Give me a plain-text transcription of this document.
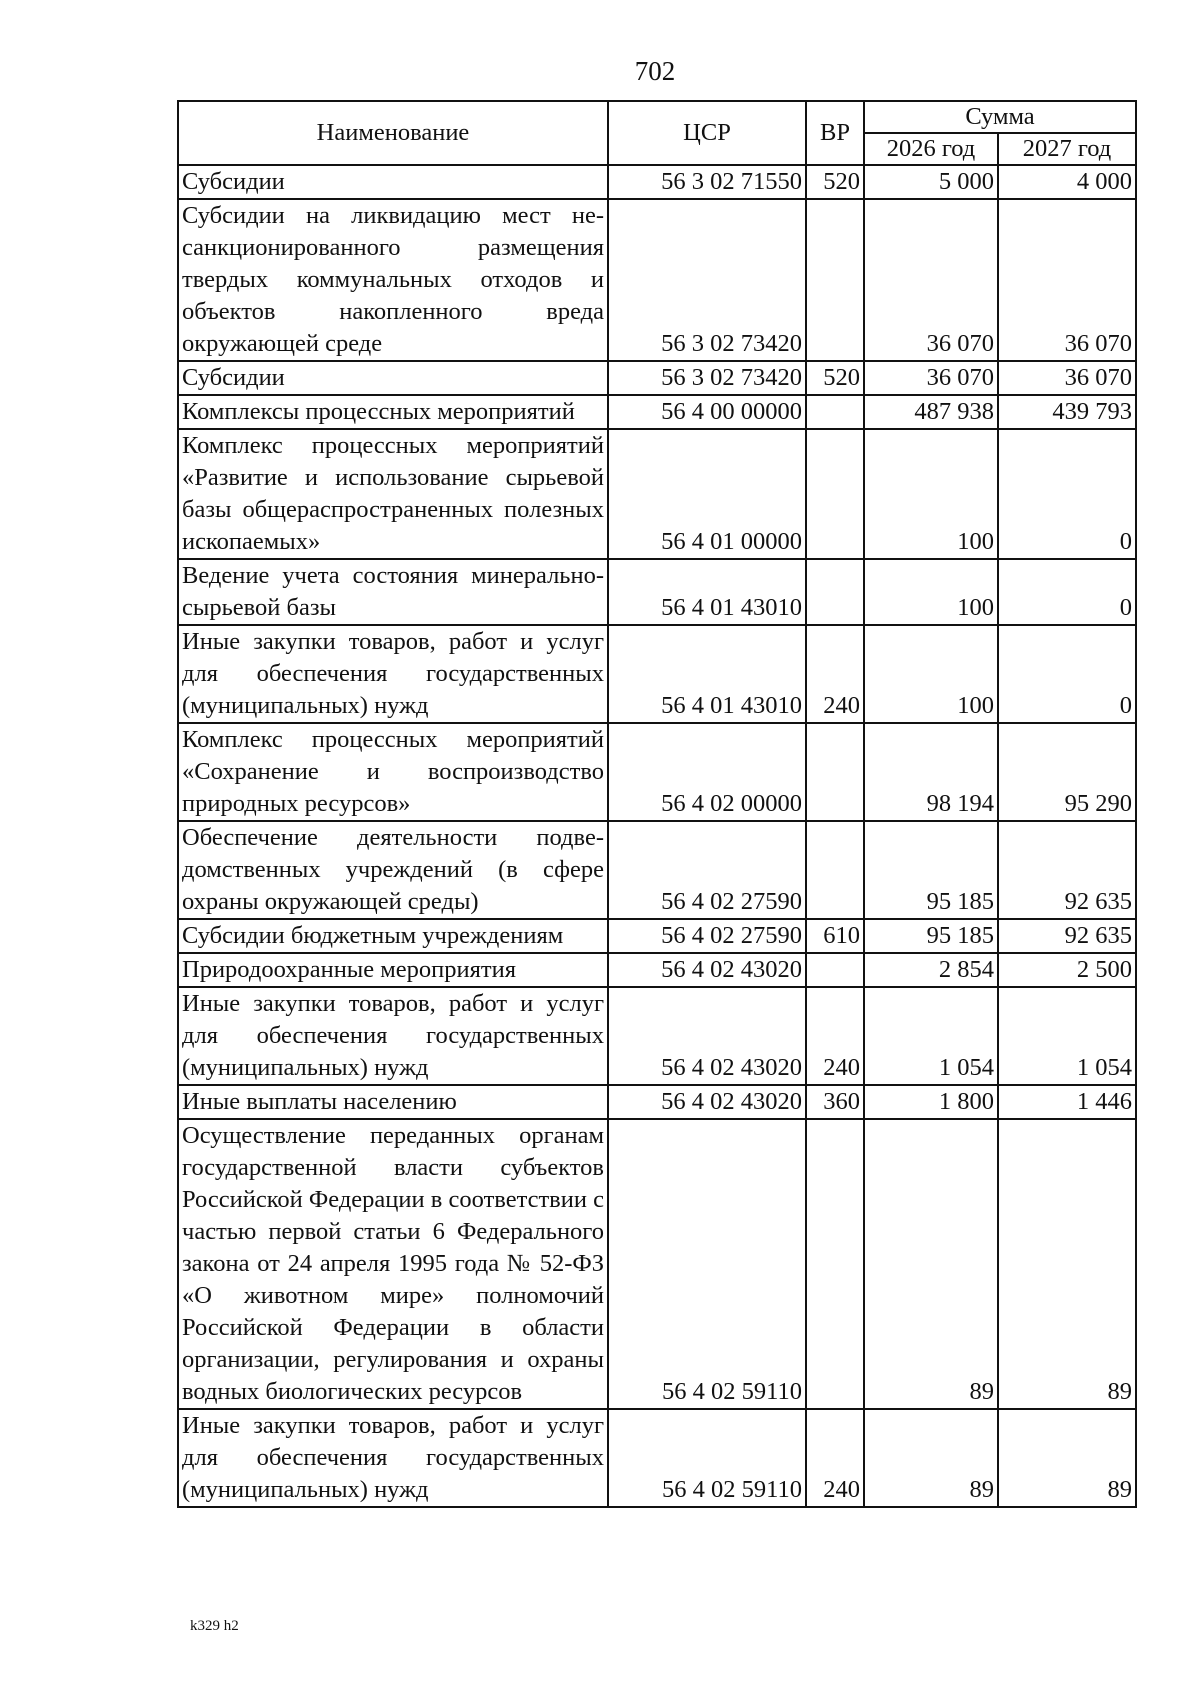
702
Наименование	ЦСР	ВР	Сумма	
			2026 год	2027 год
Субсидии	56 3 02 71550	520	5 000	4 000
Субсидии на ликвидацию мест несанкционированного размещения твердых коммунальных отходов и объектов накопленного вреда окружающей среде	56 3 02 73420		36 070	36 070
Субсидии	56 3 02 73420	520	36 070	36 070
Комплексы процессных мероприятий	56 4 00 00000		487 938	439 793
Комплекс процессных мероприятий «Развитие и использование сырьевой базы общераспространенных полезных ископаемых»	56 4 01 00000		100	0
Ведение учета состояния минерально-сырьевой базы	56 4 01 43010		100	0
Иные закупки товаров, работ и услуг для обеспечения государственных (муниципальных) нужд	56 4 01 43010	240	100	0
Комплекс процессных мероприятий «Сохранение и воспроизводство природных ресурсов»	56 4 02 00000		98 194	95 290
Обеспечение деятельности подведомственных учреждений (в сфере охраны окружающей среды)	56 4 02 27590		95 185	92 635
Субсидии бюджетным учреждениям	56 4 02 27590	610	95 185	92 635
Природоохранные мероприятия	56 4 02 43020		2 854	2 500
Иные закупки товаров, работ и услуг для обеспечения государственных (муниципальных) нужд	56 4 02 43020	240	1 054	1 054
Иные выплаты населению	56 4 02 43020	360	1 800	1 446
Осуществление переданных органам государственной власти субъектов Российской Федерации в соответствии с частью первой статьи 6 Федерального закона от 24 апреля 1995 года № 52-ФЗ «О животном мире» полномочий Российской Федерации в области организации, регулирования и охраны водных биологических ресурсов	56 4 02 59110		89	89
Иные закупки товаров, работ и услуг для обеспечения государственных (муниципальных) нужд	56 4 02 59110	240	89	89
k329 h2
